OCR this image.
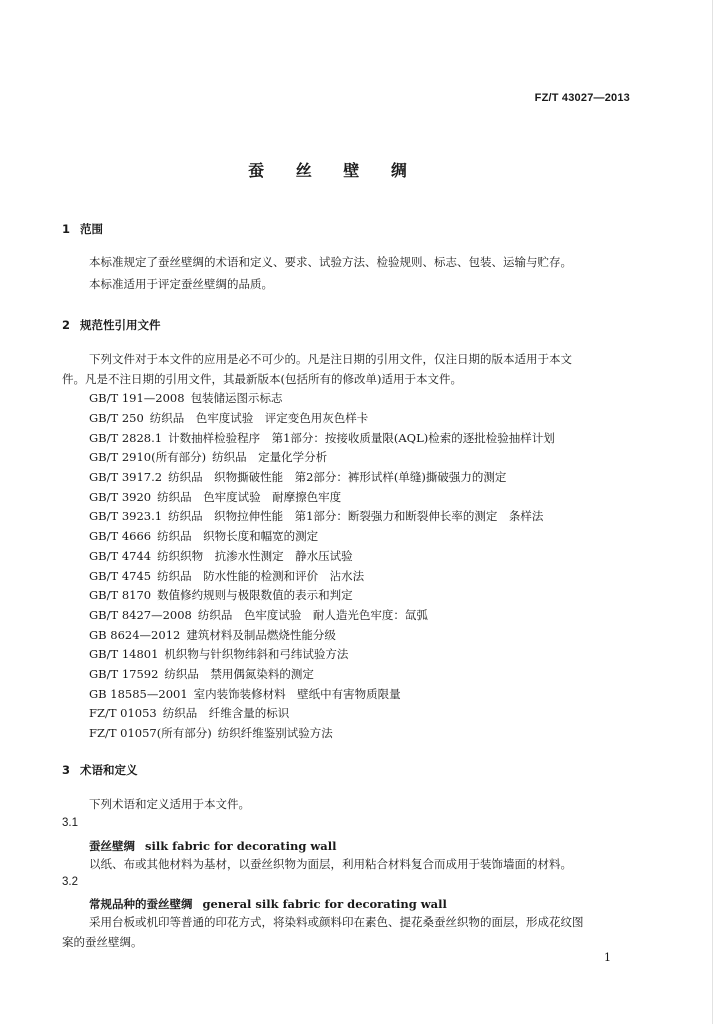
FZ/T 43027—2013
蚕 丝 壁 绸
1 范围
本标准规定了蚕丝壁绸的术语和定义、要求、试验方法、检验规则、标志、包装、运输与贮存。
本标准适用于评定蚕丝壁绸的品质。
2 规范性引用文件
下列文件对于本文件的应用是必不可少的。凡是注日期的引用文件，仅注日期的版本适用于本文
件。凡是不注日期的引用文件，其最新版本(包括所有的修改单)适用于本文件。
GB/T 191—2008 包装储运图示标志
GB/T 250 纺织品　色牢度试验　评定变色用灰色样卡
GB/T 2828.1 计数抽样检验程序　第1部分：按接收质量限(AQL)检索的逐批检验抽样计划
GB/T 2910(所有部分) 纺织品　定量化学分析
GB/T 3917.2 纺织品　织物撕破性能　第2部分：裤形试样(单缝)撕破强力的测定
GB/T 3920 纺织品　色牢度试验　耐摩擦色牢度
GB/T 3923.1 纺织品　织物拉伸性能　第1部分：断裂强力和断裂伸长率的测定　条样法
GB/T 4666 纺织品　织物长度和幅宽的测定
GB/T 4744 纺织织物　抗渗水性测定　静水压试验
GB/T 4745 纺织品　防水性能的检测和评价　沾水法
GB/T 8170 数值修约规则与极限数值的表示和判定
GB/T 8427—2008 纺织品　色牢度试验　耐人造光色牢度：氙弧
GB 8624—2012 建筑材料及制品燃烧性能分级
GB/T 14801 机织物与针织物纬斜和弓纬试验方法
GB/T 17592 纺织品　禁用偶氮染料的测定
GB 18585—2001 室内装饰装修材料　壁纸中有害物质限量
FZ/T 01053 纺织品　纤维含量的标识
FZ/T 01057(所有部分) 纺织纤维鉴别试验方法
3 术语和定义
下列术语和定义适用于本文件。
3.1
蚕丝壁绸 silk fabric for decorating wall
以纸、布或其他材料为基材，以蚕丝织物为面层，利用粘合材料复合而成用于装饰墙面的材料。
3.2
常规品种的蚕丝壁绸 general silk fabric for decorating wall
采用台板或机印等普通的印花方式，将染料或颜料印在素色、提花桑蚕丝织物的面层，形成花纹图
案的蚕丝壁绸。
1
